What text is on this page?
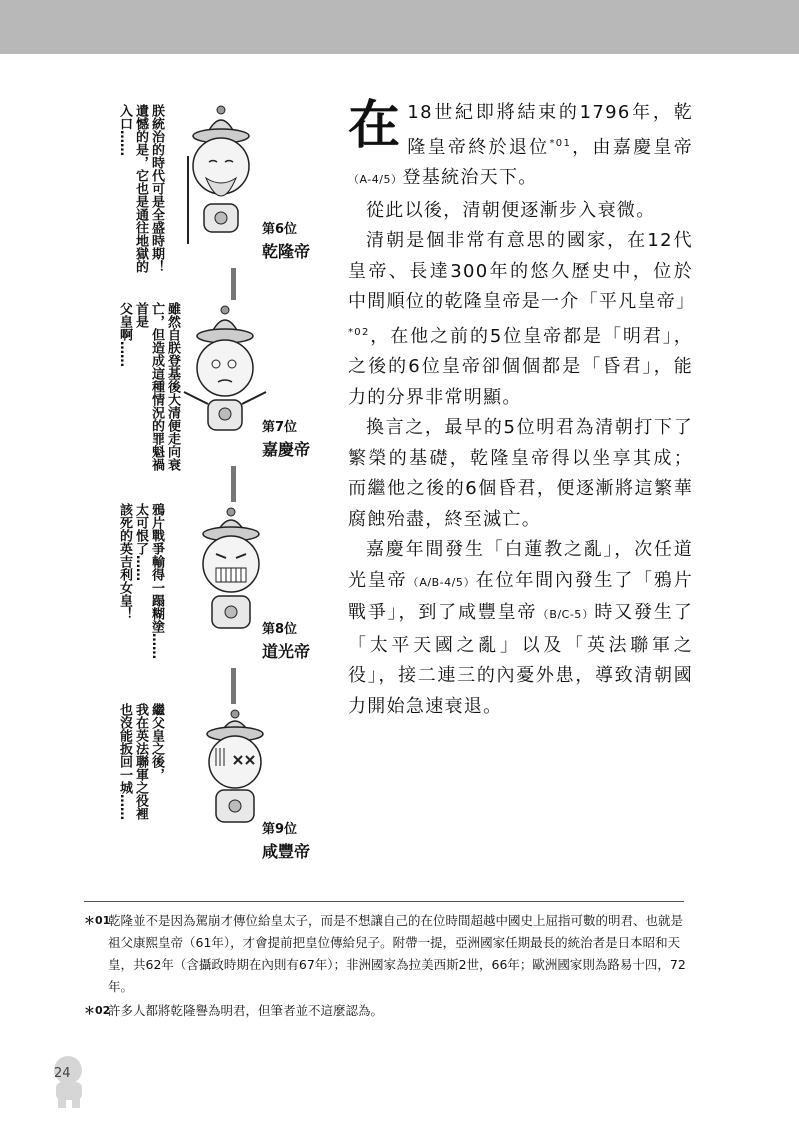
朕統治的時代可是全盛時期！
遺憾的是，它也是通往地獄的
入口……
雖然自朕登基後大清便走向衰
亡，但造成這種情況的罪魁禍首是
父皇啊……
鴉片戰爭輸得一蹋糊塗……
太可恨了……
該死的英吉利女皇！
繼父皇之後，
我在英法聯軍之役裡
也沒能扳回一城……
第6位
乾隆帝
第7位
嘉慶帝
第8位
道光帝
第9位
咸豐帝

在 18世紀即將結束的1796年，乾隆皇帝終於退位$^{*01}$，由嘉慶皇帝（A-4/5）登基統治天下。

從此以後，清朝便逐漸步入衰微。

清朝是個非常有意思的國家，在12代皇帝、長達300年的悠久歷史中，位於中間順位的乾隆皇帝是一介「平凡皇帝」$^{*02}$，在他之前的5位皇帝都是「明君」，之後的6位皇帝卻個個都是「昏君」，能力的分界非常明顯。

換言之，最早的5位明君為清朝打下了繁榮的基礎，乾隆皇帝得以坐享其成；而繼他之後的6個昏君，便逐漸將這繁華腐蝕殆盡，終至滅亡。

嘉慶年間發生「白蓮教之亂」，次任道光皇帝（A/B-4/5）在位年間內發生了「鴉片戰爭」，到了咸豐皇帝（B/C-5）時又發生了「太平天國之亂」以及「英法聯軍之役」，接二連三的內憂外患，導致清朝國力開始急速衰退。

＊01
乾隆並不是因為駕崩才傳位給皇太子，而是不想讓自己的在位時間超越中國史上屈指可數的明君、也就是祖父康熙皇帝（61年），才會提前把皇位傳給兒子。附帶一提，亞洲國家任期最長的統治者是日本昭和天皇，共62年（含攝政時期在內則有67年）；非洲國家為拉美西斯2世，66年；歐洲國家則為路易十四，72年。
＊02
許多人都將乾隆譽為明君，但筆者並不這麼認為。
24
